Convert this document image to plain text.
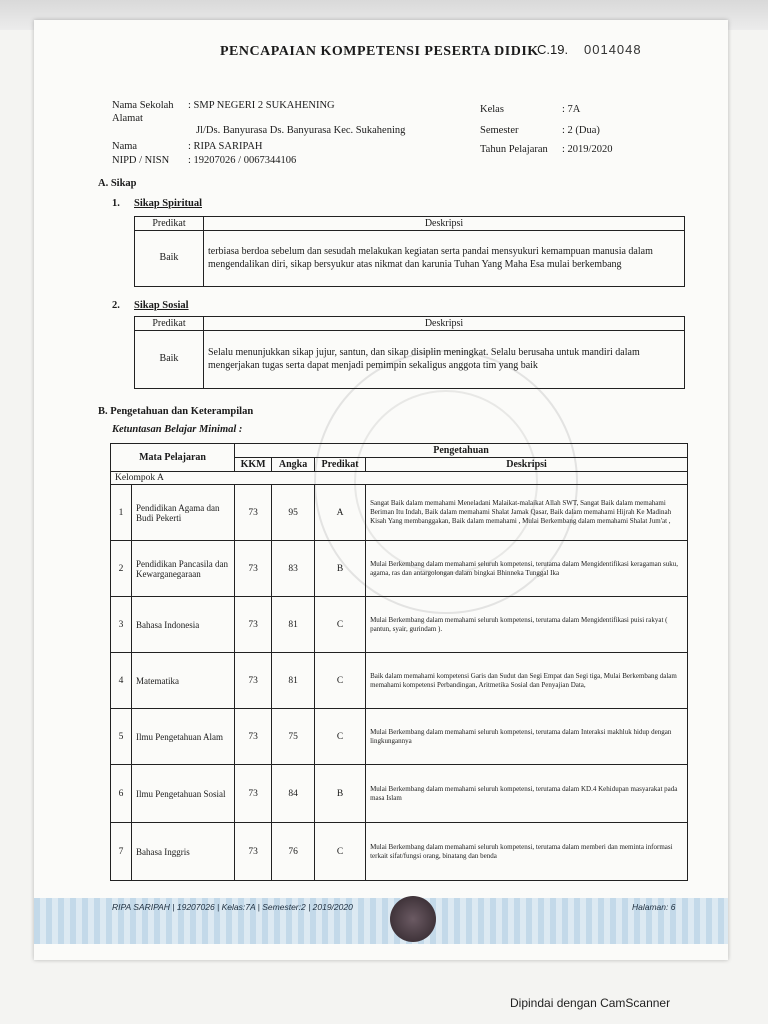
C.19. 0014048
PENCAPAIAN KOMPETENSI PESERTA DIDIK
Nama Sekolah : SMP NEGERI 2 SUKAHENING
Alamat
Jl/Ds. Banyurasa Ds. Banyurasa Kec. Sukahening
Nama	: RIPA SARIPAH
NIPD / NISN : 19207026 / 0067344106
Kelas	: 7A
Semester	: 2 (Dua)
Tahun Pelajaran : 2019/2020
A. Sikap
1. Sikap Spiritual
Predikat	Deskripsi
Baik	terbiasa berdoa sebelum dan sesudah melakukan kegiatan serta pandai mensyukuri kemampuan manusia dalam mengendalikan diri, sikap bersyukur atas nikmat dan karunia Tuhan Yang Maha Esa mulai berkembang
2. Sikap Sosial
Predikat	Deskripsi
Baik	Selalu menunjukkan sikap jujur, santun, dan sikap disiplin meningkat. Selalu berusaha untuk mandiri dalam mengerjakan tugas serta dapat menjadi pemimpin sekaligus anggota tim yang baik
B. Pengetahuan dan Keterampilan
Ketuntasan Belajar Minimal :
Mata Pelajaran		Pengetahuan			
		KKM	Angka	Predikat	Deskripsi
Kelompok A					
1	Pendidikan Agama dan Budi Pekerti	73	95	A	Sangat Baik dalam memahami Meneladani Malaikat-malaikat Allah SWT, Sangat Baik dalam memahami Beriman Itu Indah, Baik dalam memahami Shalat Jamak Qasar, Baik dalam memahami Hijrah Ke Madinah Kisah Yang membanggakan, Baik dalam memahami , Mulai Berkembang dalam memahami Shalat Jum'at ,
2	Pendidikan Pancasila dan Kewarganegaraan	73	83	B	Mulai Berkembang dalam memahami seluruh kompetensi, terutama dalam Mengidentifikasi keragaman suku, agama, ras dan antargolongan dalam bingkai Bhinneka Tunggal Ika
3	Bahasa Indonesia	73	81	C	Mulai Berkembang dalam memahami seluruh kompetensi, terutama dalam Mengidentifikasi puisi rakyat ( pantun, syair, gurindam ).
4	Matematika	73	81	C	Baik dalam memahami kompetensi Garis dan Sudut dan Segi Empat dan Segi tiga, Mulai Berkembang dalam memahami kompetensi Perbandingan, Aritmetika Sosial dan Penyajian Data,
5	Ilmu Pengetahuan Alam	73	75	C	Mulai Berkembang dalam memahami seluruh kompetensi, terutama dalam Interaksi makhluk hidup dengan lingkungannya
6	Ilmu Pengetahuan Sosial	73	84	B	Mulai Berkembang dalam memahami seluruh kompetensi, terutama dalam KD.4 Kehidupan masyarakat pada masa Islam
7	Bahasa Inggris	73	76	C	Mulai Berkembang dalam memahami seluruh kompetensi, terutama dalam memberi dan meminta informasi terkait sifat/fungsi orang, binatang dan benda
RIPA SARIPAH | 19207026 | Kelas:7A | Semester:2 | 2019/2020	Halaman: 6
Dipindai dengan CamScanner
